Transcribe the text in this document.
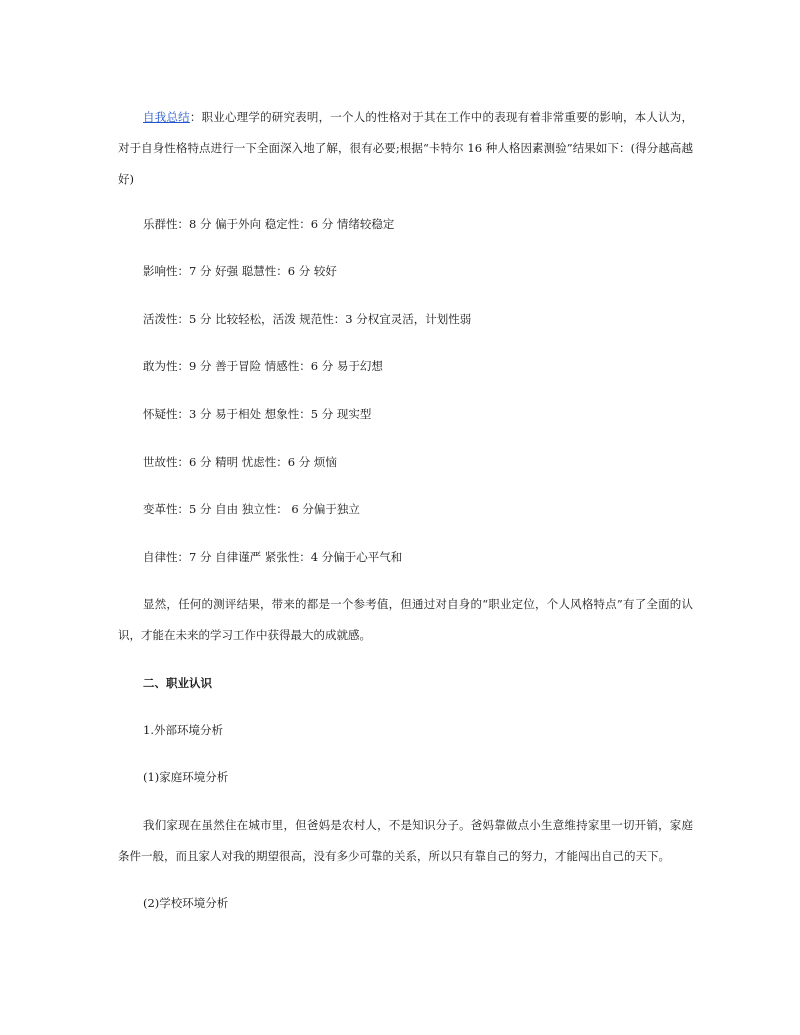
自我总结：职业心理学的研究表明，一个人的性格对于其在工作中的表现有着非常重要的影响，本人认为，对于自身性格特点进行一下全面深入地了解，很有必要;根据“卡特尔 16 种人格因素测验”结果如下：(得分越高越好)
乐群性：8 分 偏于外向 稳定性：6 分 情绪较稳定
影响性：7 分 好强 聪慧性：6 分 较好
活泼性：5 分 比较轻松，活泼 规范性：3 分权宜灵活，计划性弱
敢为性：9 分 善于冒险 情感性：6 分 易于幻想
怀疑性：3 分 易于相处 想象性：5 分 现实型
世故性：6 分 精明 忧虑性：6 分 烦恼
变革性：5 分 自由 独立性： 6 分偏于独立
自律性：7 分 自律谨严 紧张性：4 分偏于心平气和
显然，任何的测评结果，带来的都是一个参考值，但通过对自身的“职业定位，个人风格特点”有了全面的认识，才能在未来的学习工作中获得最大的成就感。
二、职业认识
1.外部环境分析
(1)家庭环境分析
我们家现在虽然住在城市里，但爸妈是农村人，不是知识分子。爸妈靠做点小生意维持家里一切开销，家庭条件一般，而且家人对我的期望很高，没有多少可靠的关系，所以只有靠自己的努力，才能闯出自己的天下。
(2)学校环境分析
